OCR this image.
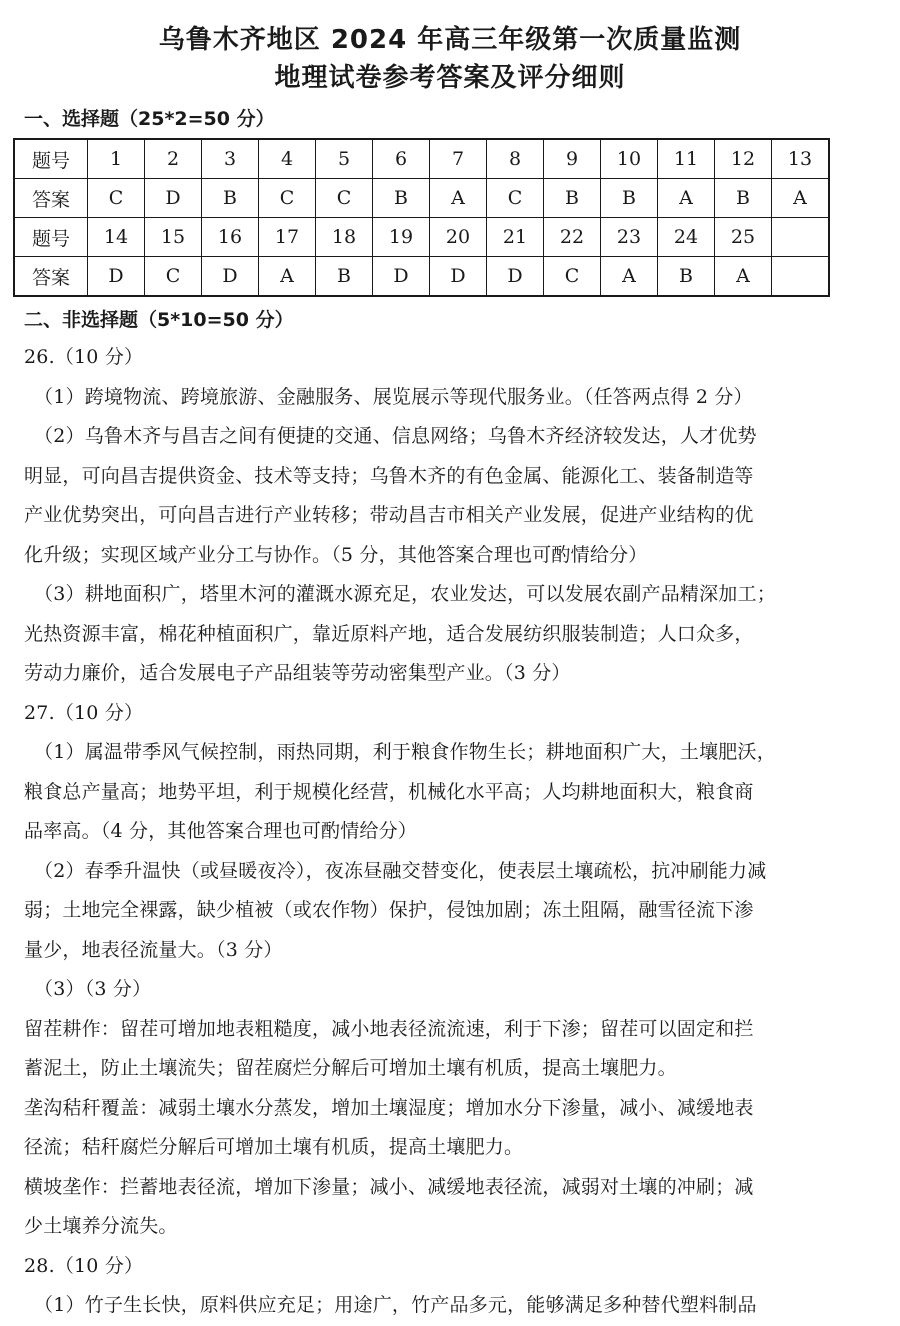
乌鲁木齐地区 2024 年高三年级第一次质量监测
地理试卷参考答案及评分细则
一、选择题（25*2=50 分）
题号	1	2	3	4	5	6	7	8	9	10	11	12	13
答案	C	D	B	C	C	B	A	C	B	B	A	B	A
题号	14	15	16	17	18	19	20	21	22	23	24	25	
答案	D	C	D	A	B	D	D	D	C	A	B	A	
二、非选择题（5*10=50 分）
26.（10 分）
（1）跨境物流、跨境旅游、金融服务、展览展示等现代服务业。（任答两点得 2 分）
（2）乌鲁木齐与昌吉之间有便捷的交通、信息网络；乌鲁木齐经济较发达，人才优势
明显，可向昌吉提供资金、技术等支持；乌鲁木齐的有色金属、能源化工、装备制造等
产业优势突出，可向昌吉进行产业转移；带动昌吉市相关产业发展，促进产业结构的优
化升级；实现区域产业分工与协作。（5 分，其他答案合理也可酌情给分）
（3）耕地面积广，塔里木河的灌溉水源充足，农业发达，可以发展农副产品精深加工；
光热资源丰富，棉花种植面积广，靠近原料产地，适合发展纺织服装制造；人口众多，
劳动力廉价，适合发展电子产品组装等劳动密集型产业。（3 分）
27.（10 分）
（1）属温带季风气候控制，雨热同期，利于粮食作物生长；耕地面积广大，土壤肥沃，
粮食总产量高；地势平坦，利于规模化经营，机械化水平高；人均耕地面积大，粮食商
品率高。（4 分，其他答案合理也可酌情给分）
（2）春季升温快（或昼暖夜冷），夜冻昼融交替变化，使表层土壤疏松，抗冲刷能力减
弱；土地完全裸露，缺少植被（或农作物）保护，侵蚀加剧；冻土阻隔，融雪径流下渗
量少，地表径流量大。（3 分）
（3）（3 分）
留茬耕作：留茬可增加地表粗糙度，减小地表径流流速，利于下渗；留茬可以固定和拦
蓄泥土，防止土壤流失；留茬腐烂分解后可增加土壤有机质，提高土壤肥力。
垄沟秸秆覆盖：减弱土壤水分蒸发，增加土壤湿度；增加水分下渗量，减小、减缓地表
径流；秸秆腐烂分解后可增加土壤有机质，提高土壤肥力。
横坡垄作：拦蓄地表径流，增加下渗量；减小、减缓地表径流，减弱对土壤的冲刷；减
少土壤养分流失。
28.（10 分）
（1）竹子生长快，原料供应充足；用途广，竹产品多元，能够满足多种替代塑料制品
